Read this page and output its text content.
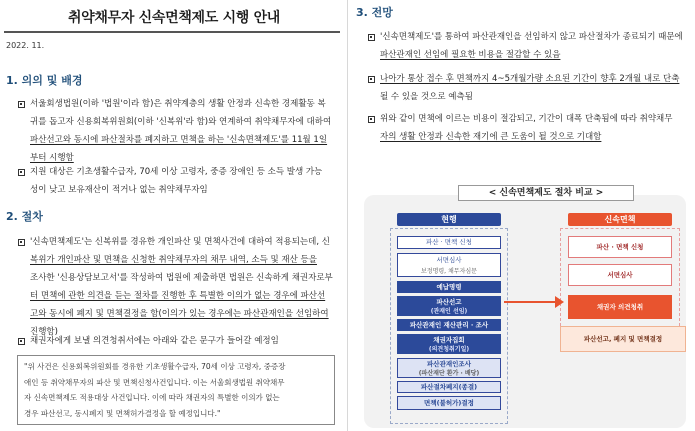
취약채무자 신속면책제도 시행 안내
2022. 11.
1. 의의 및 배경
서울회생법원(이하 '법원'이라 함)은 취약계층의 생활 안정과 신속한 경제활동 복
귀를 돕고자 신용회복위원회(이하 '신복위'라 함)와 연계하여 취약채무자에 대하여
파산선고와 동시에 파산절차를 폐지하고 면책을 하는 '신속면책제도'를 11월 1일
부터 시행함
지원 대상은 기초생활수급자, 70세 이상 고령자, 중증 장애인 등 소득 발생 가능
성이 낮고 보유재산이 적거나 없는 취약채무자임
2. 절차
'신속면책제도'는 신복위를 경유한 개인파산 및 면책사건에 대하여 적용되는데, 신
복위가 개인파산 및 면책을 신청한 취약채무자의 채무 내역, 소득 및 재산 등을
조사한 '신용상담보고서'를 작성하여 법원에 제출하면 법원은 신속하게 채권자로부
터 면책에 관한 의견을 듣는 절차를 진행한 후 특별한 이의가 없는 경우에 파산선
고와 동시에 폐지 및 면책결정을 함(이의가 있는 경우에는 파산관재인을 선임하여
진행함)
채권자에게 보낼 의견청취서에는 아래와 같은 문구가 들어갈 예정임
"위 사건은 신용회복위원회를 경유한 기초생활수급자, 70세 이상 고령자, 중증장
애인 등 취약채무자의 파산 및 면책신청사건입니다. 이는 서울회생법원 취약채무
자 신속면책제도 적용대상 사건입니다. 이에 따라 채권자의 특별한 이의가 없는
경우 파산선고, 동시폐지 및 면책허가결정을 할 예정입니다."
3. 전망
'신속면책제도'를 통하여 파산관재인을 선임하지 않고 파산절차가 종료되기 때문에
파산관재인 선임에 필요한 비용을 절감할 수 있음
나아가 통상 접수 후 면책까지 4~5개월가량 소요된 기간이 향후 2개월 내로 단축
될 수 있을 것으로 예측됨
위와 같이 면책에 이르는 비용이 절감되고, 기간이 대폭 단축됨에 따라 취약채무
자의 생활 안정과 신속한 재기에 큰 도움이 될 것으로 기대함
< 신속면책제도 절차 비교 >
현행	신속면책
파산 · 면책 신청
서면심사
보정명령, 채무자심문
예납명령
파산선고
(관재인 선임)
파산관재인 재산관리 · 조사
채권자집회
(의견청취기일)
파산관재인조사
(파산재단 환가 · 배당)
파산절차폐지(종결)
면책(불허가)결정
파산 · 면책 신청
서면심사
채권자 의견청취
파산선고, 폐지 및 면책결정
